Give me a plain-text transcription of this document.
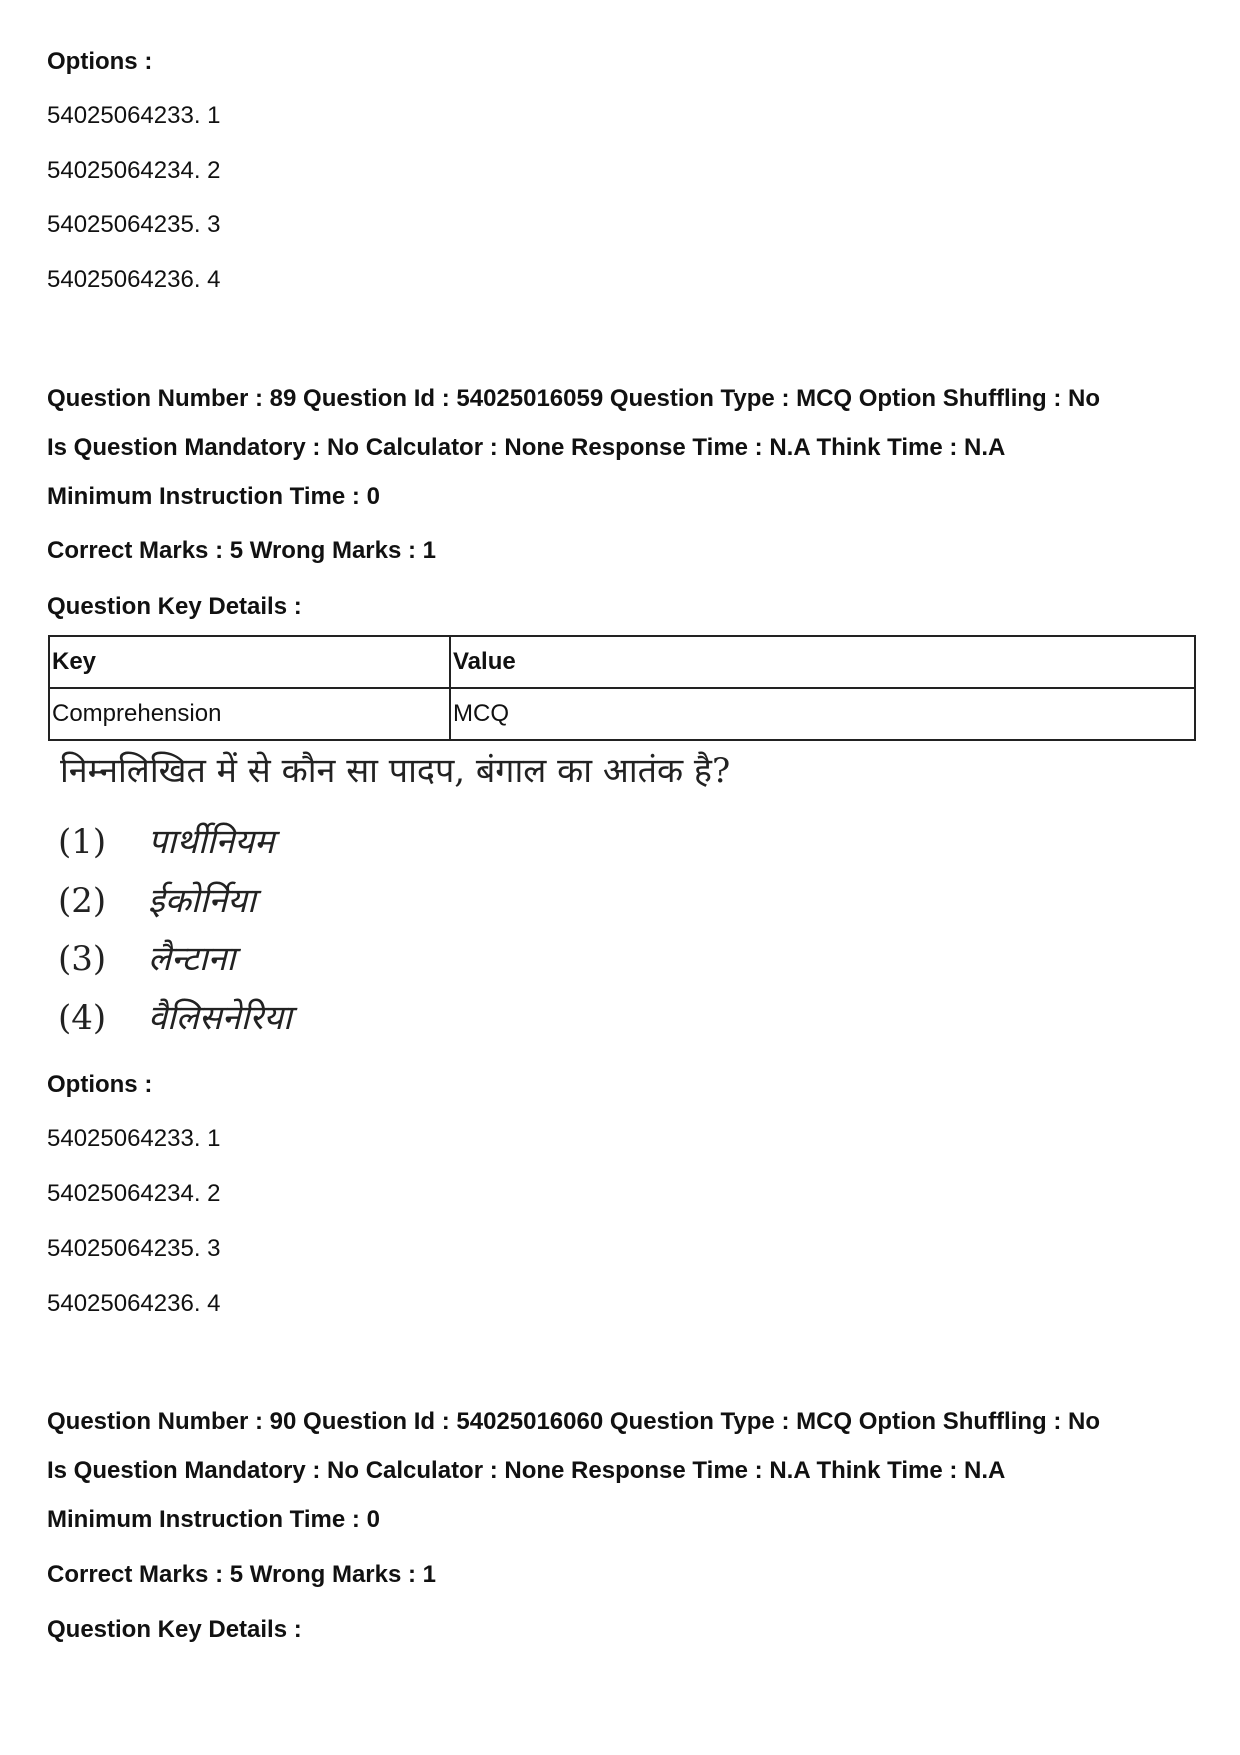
Options :
54025064233. 1
54025064234. 2
54025064235. 3
54025064236. 4
Question Number : 89 Question Id : 54025016059 Question Type : MCQ Option Shuffling : No
Is Question Mandatory : No Calculator : None Response Time : N.A Think Time : N.A
Minimum Instruction Time : 0
Correct Marks : 5 Wrong Marks : 1
Question Key Details :
Key	Value
Comprehension	MCQ
निम्नलिखित में से कौन सा पादप, बंगाल का आतंक है?
(1) पार्थीनियम
(2) ईकोर्निया
(3) लैन्टाना
(4) वैलिसनेरिया
Options :
54025064233. 1
54025064234. 2
54025064235. 3
54025064236. 4
Question Number : 90 Question Id : 54025016060 Question Type : MCQ Option Shuffling : No
Is Question Mandatory : No Calculator : None Response Time : N.A Think Time : N.A
Minimum Instruction Time : 0
Correct Marks : 5 Wrong Marks : 1
Question Key Details :
